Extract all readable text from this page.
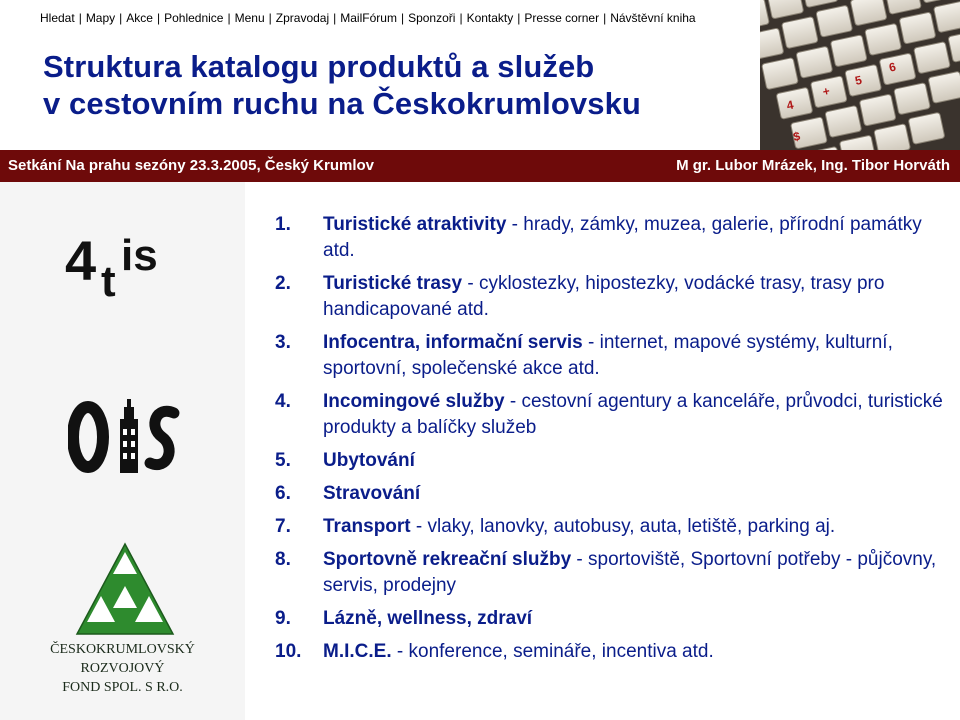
Hledat | Mapy | Akce | Pohlednice | Menu | Zpravodaj | MailFórum | Sponzoři | Kontakty | Presse corner | Návštěvní kniha
Struktura katalogu produktů a služeb
v cestovním ruchu na Českokrumlovsku	4
+
5
6
$
Setkání Na prahu sezóny 23.3.2005, Český Krumlov	M gr. Lubor Mrázek, Ing. Tibor Horváth
4 t
is
ČESKOKRUMLOVSKÝ
ROZVOJOVÝ
FOND SPOL. S R.O.
1. Turistické atraktivity - hrady, zámky, muzea, galerie, přírodní památky atd.
2. Turistické trasy - cyklostezky, hipostezky, vodácké trasy, trasy pro handicapované atd.
3. Infocentra, informační servis - internet, mapové systémy, kulturní, sportovní, společenské akce atd.
4. Incomingové služby - cestovní agentury a kanceláře, průvodci, turistické produkty a balíčky služeb
5. Ubytování
6. Stravování
7. Transport - vlaky, lanovky, autobusy, auta, letiště, parking aj.
8. Sportovně rekreační služby - sportoviště, Sportovní potřeby - půjčovny, servis, prodejny
9. Lázně, wellness, zdraví
10. M.I.C.E. - konference, semináře, incentiva atd.
